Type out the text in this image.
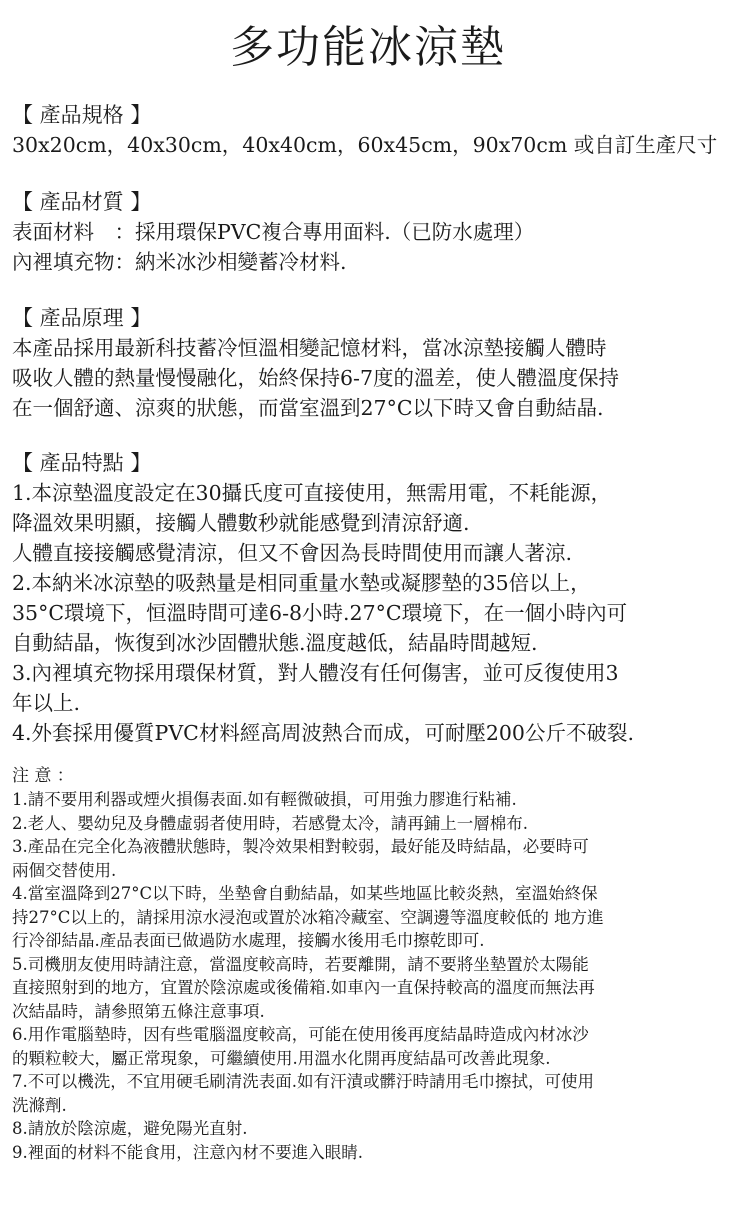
多功能冰涼墊
【 產品規格 】
30x20cm，40x30cm，40x40cm，60x45cm，90x70cm 或自訂生產尺寸
【 產品材質 】
表面材料　：採用環保PVC複合專用面料.（已防水處理）
內裡填充物：納米冰沙相變蓄冷材料.
【 產品原理 】
本產品採用最新科技蓄冷恒溫相變記憶材料，當冰涼墊接觸人體時
吸收人體的熱量慢慢融化，始終保持6-7度的溫差，使人體溫度保持
在一個舒適、涼爽的狀態，而當室溫到27°C以下時又會自動結晶.
【 產品特點 】
1.本涼墊溫度設定在30攝氏度可直接使用，無需用電，不耗能源，
降溫效果明顯，接觸人體數秒就能感覺到清涼舒適.
人體直接接觸感覺清涼，但又不會因為長時間使用而讓人著涼.
2.本納米冰涼墊的吸熱量是相同重量水墊或凝膠墊的35倍以上，
35°C環境下，恒溫時間可達6-8小時.27°C環境下，在一個小時內可
自動結晶，恢復到冰沙固體狀態.溫度越低，結晶時間越短.
3.內裡填充物採用環保材質，對人體沒有任何傷害，並可反復使用3
年以上.
4.外套採用優質PVC材料經高周波熱合而成，可耐壓200公斤不破裂.
注 意 ：
1.請不要用利器或煙火損傷表面.如有輕微破損，可用強力膠進行粘補.
2.老人、嬰幼兒及身體虛弱者使用時，若感覺太冷，請再鋪上一層棉布.
3.產品在完全化為液體狀態時，製冷效果相對較弱，最好能及時結晶，必要時可
兩個交替使用.
4.當室溫降到27°C以下時，坐墊會自動結晶，如某些地區比較炎熱，室溫始終保
持27°C以上的，請採用涼水浸泡或置於冰箱冷藏室、空調邊等溫度較低的 地方進
行冷卻結晶.產品表面已做過防水處理，接觸水後用毛巾擦乾即可.
5.司機朋友使用時請注意，當溫度較高時，若要離開，請不要將坐墊置於太陽能
直接照射到的地方，宜置於陰涼處或後備箱.如車內一直保持較高的溫度而無法再
次結晶時，請參照第五條注意事項.
6.用作電腦墊時，因有些電腦溫度較高，可能在使用後再度結晶時造成內材冰沙
的顆粒較大，屬正常現象，可繼續使用.用溫水化開再度結晶可改善此現象.
7.不可以機洗，不宜用硬毛刷清洗表面.如有汗漬或髒汙時請用毛巾擦拭，可使用
洗滌劑.
8.請放於陰涼處，避免陽光直射.
9.裡面的材料不能食用，注意內材不要進入眼睛.
